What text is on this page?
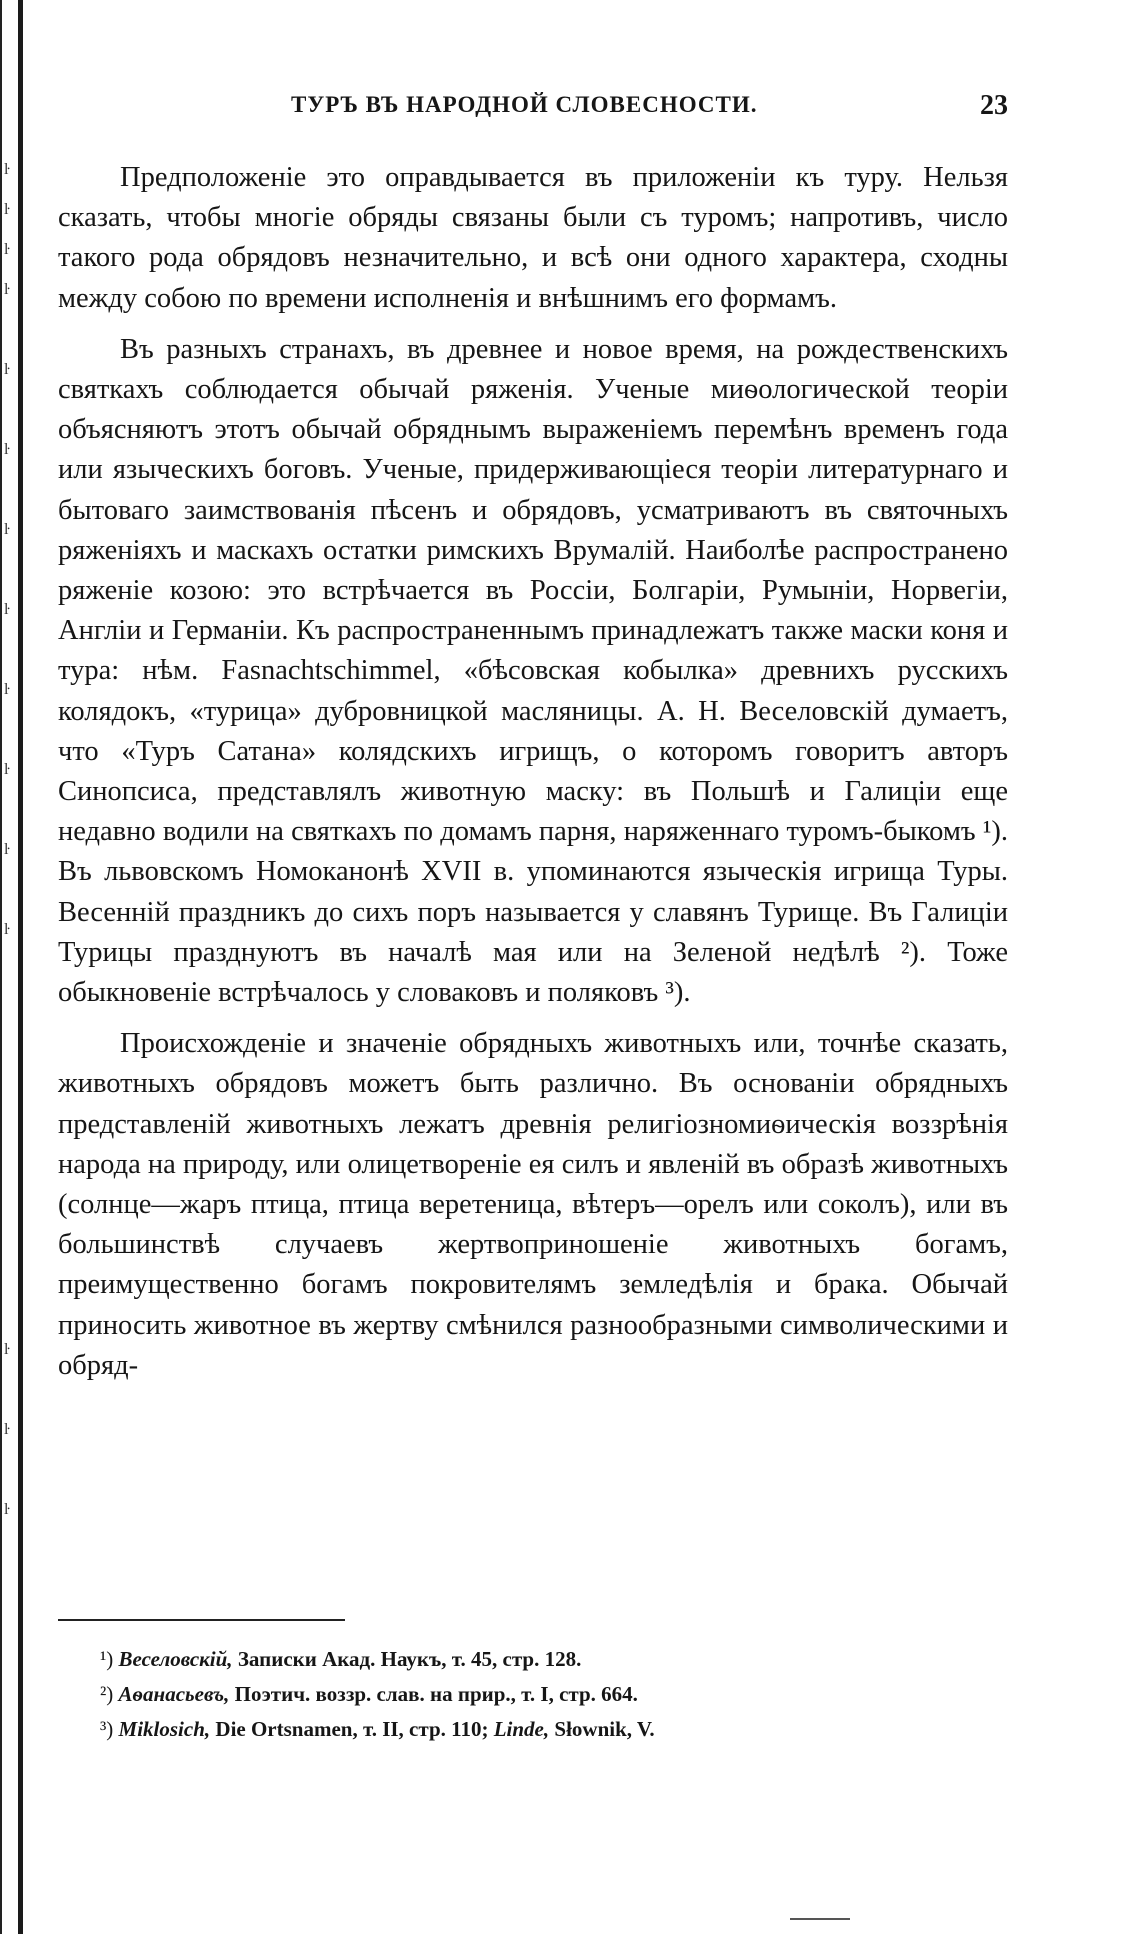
ŀ
ŀ
ŀ
ŀ
ŀ
ŀ
ŀ
ŀ
ŀ
ŀ
ŀ
ŀ
ŀ
ŀ
ŀ
ТУРЪ ВЪ НАРОДНОЙ СЛОВЕСНОСТИ.	23

Предположеніе это оправдывается въ приложеніи къ туру. Нельзя сказать, чтобы многіе обряды связаны были съ туромъ; напротивъ, число такого рода обрядовъ незначительно, и всѣ они одного характера, сходны между собою по времени исполненія и внѣшнимъ его формамъ.

Въ разныхъ странахъ, въ древнее и новое время, на рождественскихъ святкахъ соблюдается обычай ряженія. Ученые миѳологической теоріи объясняютъ этотъ обычай обряднымъ выраженіемъ перемѣнъ временъ года или языческихъ боговъ. Ученые, придерживающіеся теоріи литературнаго и бытоваго заимствованія пѣсенъ и обрядовъ, усматриваютъ въ святочныхъ ряженіяхъ и маскахъ остатки римскихъ Врумалій. Наиболѣе распространено ряженіе козою: это встрѣчается въ Россіи, Болгаріи, Румыніи, Норвегіи, Англіи и Германіи. Къ распространеннымъ принадлежатъ также маски коня и тура: нѣм. Fasnachtschimmel, «бѣсовская кобылка» древнихъ русскихъ колядокъ, «турица» дубровницкой масляницы. А. Н. Веселовскій думаетъ, что «Туръ Сатана» колядскихъ игрищъ, о которомъ говоритъ авторъ Синопсиса, представлялъ животную маску: въ Польшѣ и Галиціи еще недавно водили на святкахъ по домамъ парня, наряженнаго туромъ-быкомъ ¹). Въ львовскомъ Номоканонѣ XVII в. упоминаются языческія игрища Туры. Весенній праздникъ до сихъ поръ называется у славянъ Турище. Въ Галиціи Турицы празднуютъ въ началѣ мая или на Зеленой недѣлѣ ²). Тоже обыкновеніе встрѣчалось у словаковъ и поляковъ ³).

Происхожденіе и значеніе обрядныхъ животныхъ или, точнѣе сказать, животныхъ обрядовъ можетъ быть различно. Въ основаніи обрядныхъ представленій животныхъ лежатъ древнія религіозномиѳическія воззрѣнія народа на природу, или олицетвореніе ея силъ и явленій въ образѣ животныхъ (солнце—жаръ птица, птица веретеница, вѣтеръ—орелъ или соколъ), или въ большинствѣ случаевъ жертвоприношеніе животныхъ богамъ, преимущественно богамъ покровителямъ земледѣлія и брака. Обычай приносить животное въ жертву смѣнился разнообразными символическими и обряд-

¹) Веселовскій, Записки Акад. Наукъ, т. 45, стр. 128.
²) Аѳанасьевъ, Поэтич. воззр. слав. на прир., т. I, стр. 664.
³) Miklosich, Die Ortsnamen, т. II, стр. 110; Linde, Słownik, V.
